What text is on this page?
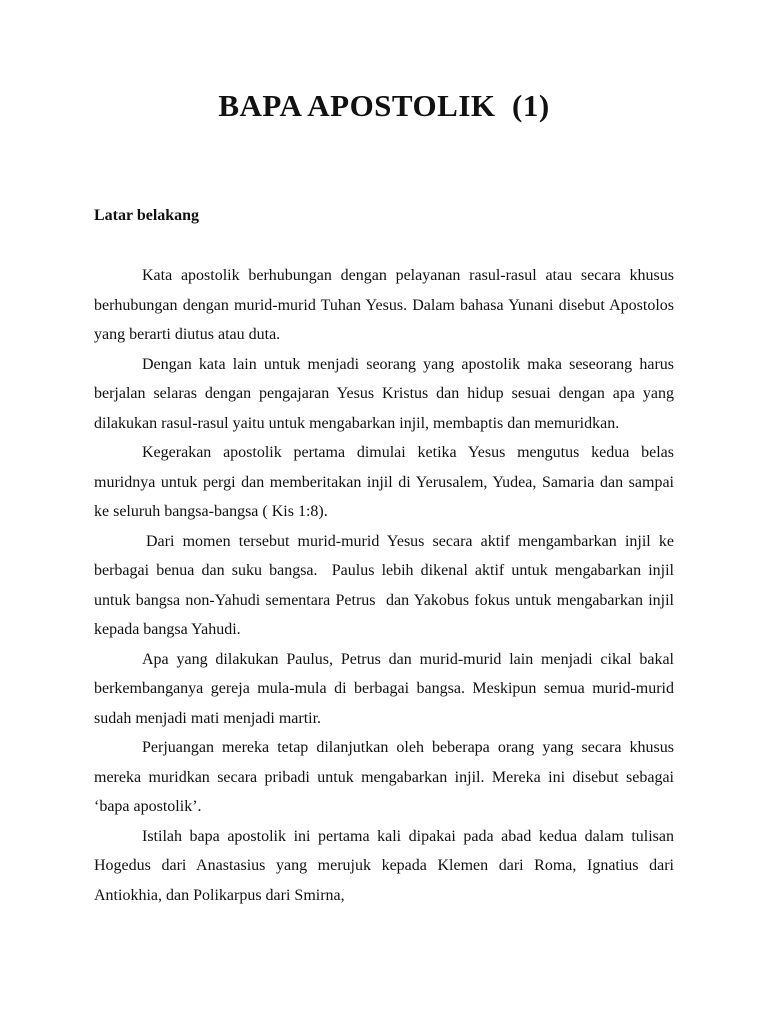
BAPA APOSTOLIK  (1)
Latar belakang

Kata apostolik berhubungan dengan pelayanan rasul-rasul atau secara khusus berhubungan dengan murid-murid Tuhan Yesus. Dalam bahasa Yunani disebut Apostolos yang berarti diutus atau duta.

Dengan kata lain untuk menjadi seorang yang apostolik maka seseorang harus berjalan selaras dengan pengajaran Yesus Kristus dan hidup sesuai dengan apa yang dilakukan rasul-rasul yaitu untuk mengabarkan injil, membaptis dan memuridkan.

Kegerakan apostolik pertama dimulai ketika Yesus mengutus kedua belas muridnya untuk pergi dan memberitakan injil di Yerusalem, Yudea, Samaria dan sampai ke seluruh bangsa-bangsa ( Kis 1:8).

Dari momen tersebut murid-murid Yesus secara aktif mengambarkan injil ke berbagai benua dan suku bangsa.  Paulus lebih dikenal aktif untuk mengabarkan injil untuk bangsa non-Yahudi sementara Petrus  dan Yakobus fokus untuk mengabarkan injil kepada bangsa Yahudi.

Apa yang dilakukan Paulus, Petrus dan murid-murid lain menjadi cikal bakal berkembanganya gereja mula-mula di berbagai bangsa. Meskipun semua murid-murid sudah menjadi mati menjadi martir.

Perjuangan mereka tetap dilanjutkan oleh beberapa orang yang secara khusus mereka muridkan secara pribadi untuk mengabarkan injil. Mereka ini disebut sebagai  ‘bapa apostolik’.

Istilah bapa apostolik ini pertama kali dipakai pada abad kedua dalam tulisan Hogedus dari Anastasius yang merujuk kepada Klemen dari Roma, Ignatius dari Antiokhia, dan Polikarpus dari Smirna,
